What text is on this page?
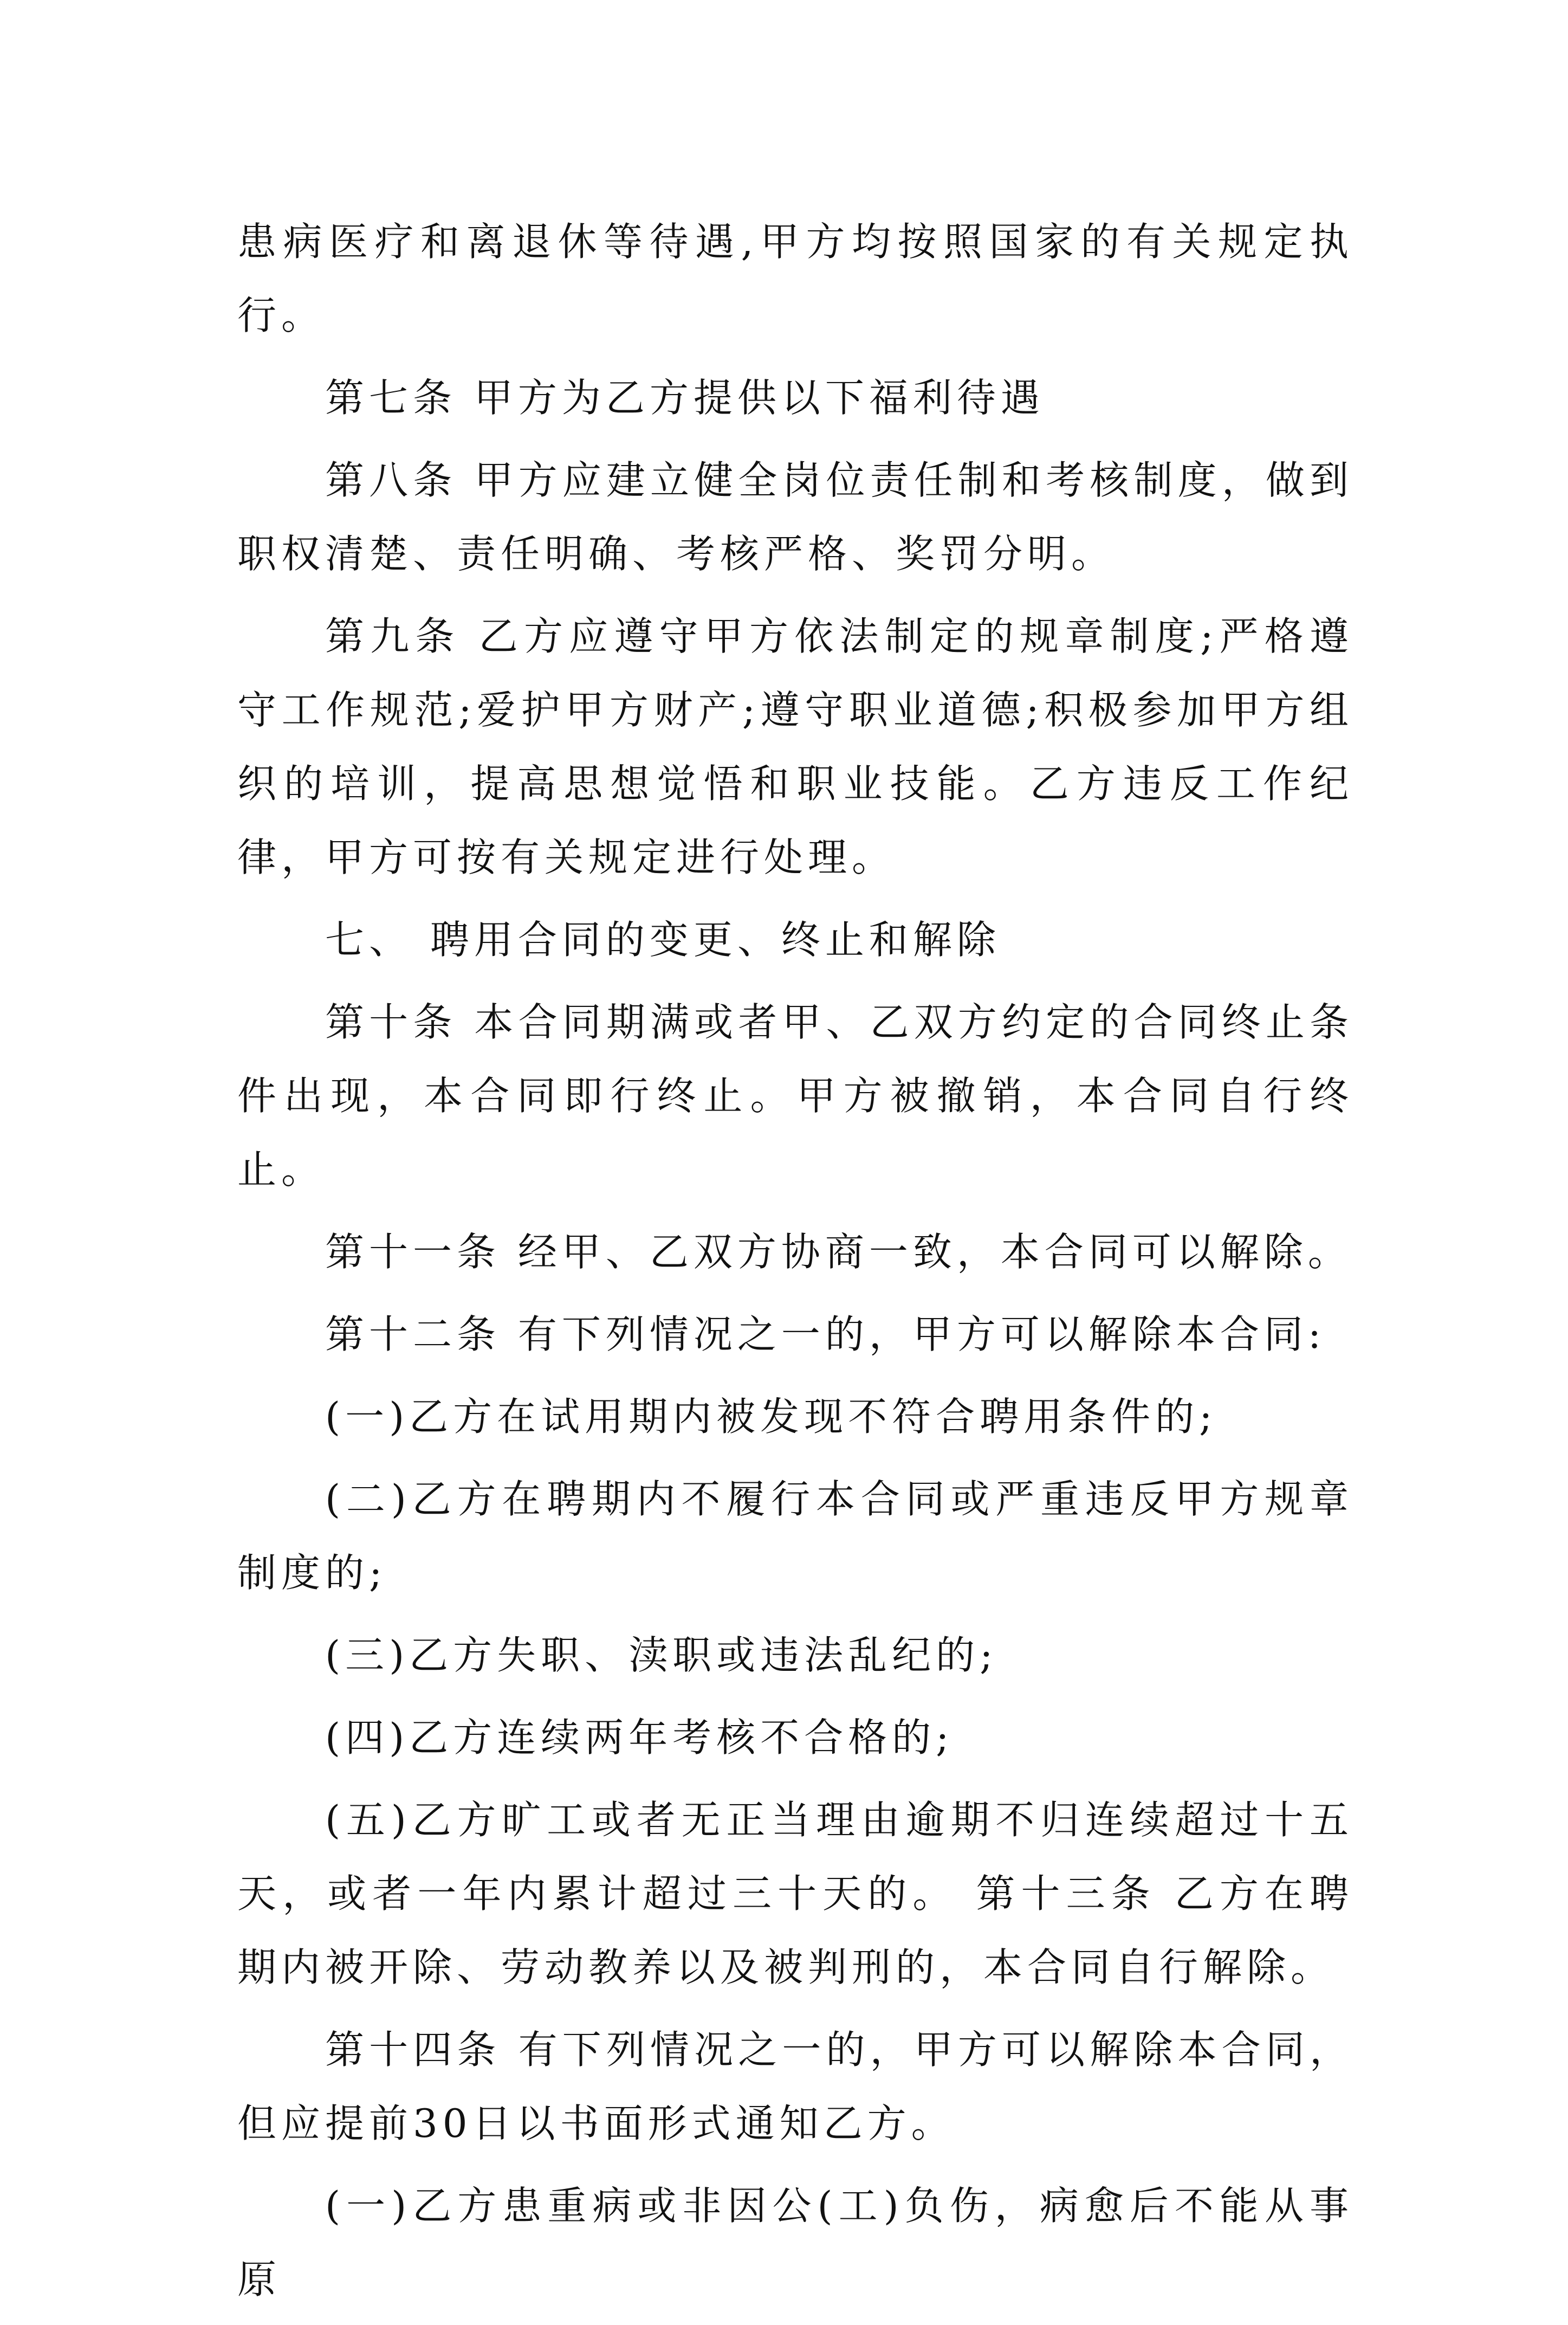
患病医疗和离退休等待遇,甲方均按照国家的有关规定执行。

第七条 甲方为乙方提供以下福利待遇

第八条 甲方应建立健全岗位责任制和考核制度，做到职权清楚、责任明确、考核严格、奖罚分明。

第九条 乙方应遵守甲方依法制定的规章制度;严格遵守工作规范;爱护甲方财产;遵守职业道德;积极参加甲方组织的培训，提高思想觉悟和职业技能。乙方违反工作纪律，甲方可按有关规定进行处理。

七、 聘用合同的变更、终止和解除

第十条 本合同期满或者甲、乙双方约定的合同终止条件出现，本合同即行终止。甲方被撤销，本合同自行终止。

第十一条 经甲、乙双方协商一致，本合同可以解除。

第十二条 有下列情况之一的，甲方可以解除本合同:

(一)乙方在试用期内被发现不符合聘用条件的;

(二)乙方在聘期内不履行本合同或严重违反甲方规章制度的;

(三)乙方失职、渎职或违法乱纪的;

(四)乙方连续两年考核不合格的;

(五)乙方旷工或者无正当理由逾期不归连续超过十五天，或者一年内累计超过三十天的。 第十三条 乙方在聘期内被开除、劳动教养以及被判刑的，本合同自行解除。

第十四条 有下列情况之一的，甲方可以解除本合同，但应提前30日以书面形式通知乙方。

(一)乙方患重病或非因公(工)负伤，病愈后不能从事原
